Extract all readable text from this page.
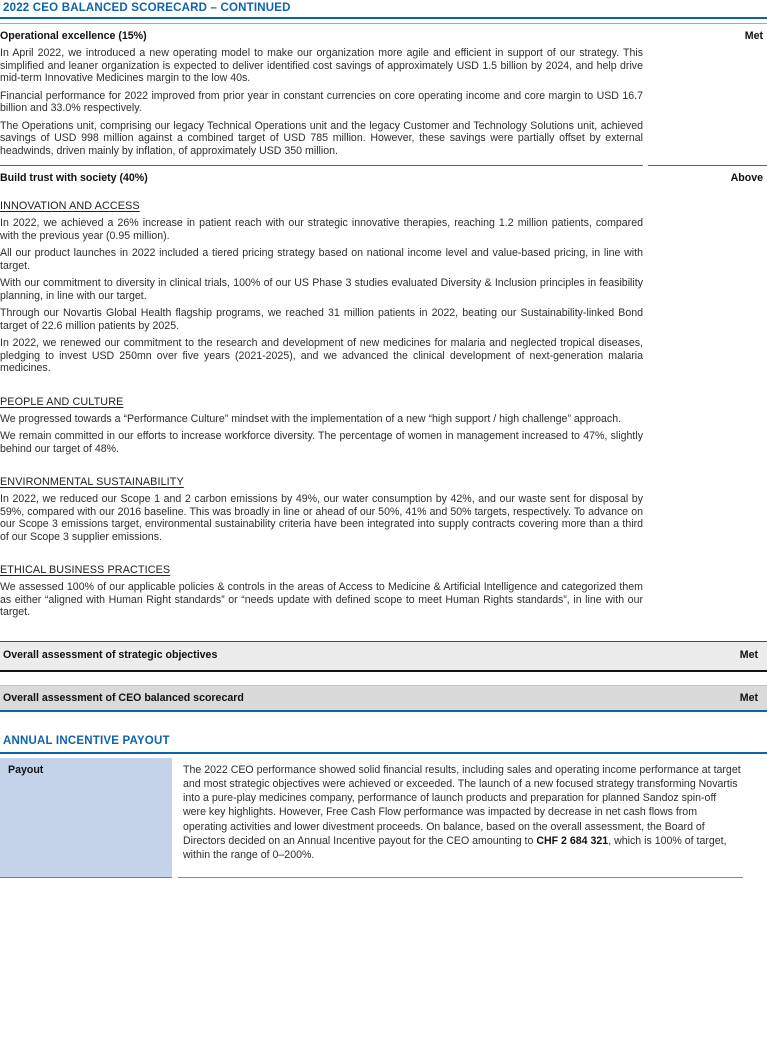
2022 CEO BALANCED SCORECARD – CONTINUED
Operational excellence (15%)	Met

In April 2022, we introduced a new operating model to make our organization more agile and efficient in support of our strategy. This simplified and leaner organization is expected to deliver identified cost savings of approximately USD 1.5 billion by 2024, and help drive mid-term Innovative Medicines margin to the low 40s.

Financial performance for 2022 improved from prior year in constant currencies on core operating income and core margin to USD 16.7 billion and 33.0% respectively.

The Operations unit, comprising our legacy Technical Operations unit and the legacy Customer and Technology Solutions unit, achieved savings of USD 998 million against a combined target of USD 785 million. However, these savings were partially offset by external headwinds, driven mainly by inflation, of approximately USD 350 million.

Build trust with society (40%)	Above
INNOVATION AND ACCESS

In 2022, we achieved a 26% increase in patient reach with our strategic innovative therapies, reaching 1.2 million patients, compared with the previous year (0.95 million).

All our product launches in 2022 included a tiered pricing strategy based on national income level and value-based pricing, in line with target.

With our commitment to diversity in clinical trials, 100% of our US Phase 3 studies evaluated Diversity & Inclusion principles in feasibility planning, in line with our target.

Through our Novartis Global Health flagship programs, we reached 31 million patients in 2022, beating our Sustainability-linked Bond target of 22.6 million patients by 2025.

In 2022, we renewed our commitment to the research and development of new medicines for malaria and neglected tropical diseases, pledging to invest USD 250mn over five years (2021-2025), and we advanced the clinical development of next-generation malaria medicines.

PEOPLE AND CULTURE

We progressed towards a “Performance Culture” mindset with the implementation of a new “high support / high challenge” approach.

We remain committed in our efforts to increase workforce diversity. The percentage of women in management increased to 47%, slightly behind our target of 48%.

ENVIRONMENTAL SUSTAINABILITY

In 2022, we reduced our Scope 1 and 2 carbon emissions by 49%, our water consumption by 42%, and our waste sent for disposal by 59%, compared with our 2016 baseline. This was broadly in line or ahead of our 50%, 41% and 50% targets, respectively. To advance on our Scope 3 emissions target, environmental sustainability criteria have been integrated into supply contracts covering more than a third of our Scope 3 supplier emissions.

ETHICAL BUSINESS PRACTICES

We assessed 100% of our applicable policies & controls in the areas of Access to Medicine & Artificial Intelligence and categorized them as either “aligned with Human Right standards” or “needs update with defined scope to meet Human Rights standards”, in line with our target.

Overall assessment of strategic objectives	Met
Overall assessment of CEO balanced scorecard	Met
ANNUAL INCENTIVE PAYOUT
Payout	The 2022 CEO performance showed solid financial results, including sales and operating income performance at target and most strategic objectives were achieved or exceeded. The launch of a new focused strategy transforming Novartis into a pure-play medicines company, performance of launch products and preparation for planned Sandoz spin-off were key highlights. However, Free Cash Flow performance was impacted by decrease in net cash flows from operating activities and lower divestment proceeds. On balance, based on the overall assessment, the Board of Directors decided on an Annual Incentive payout for the CEO amounting to CHF 2 684 321, which is 100% of target, within the range of 0–200%.
